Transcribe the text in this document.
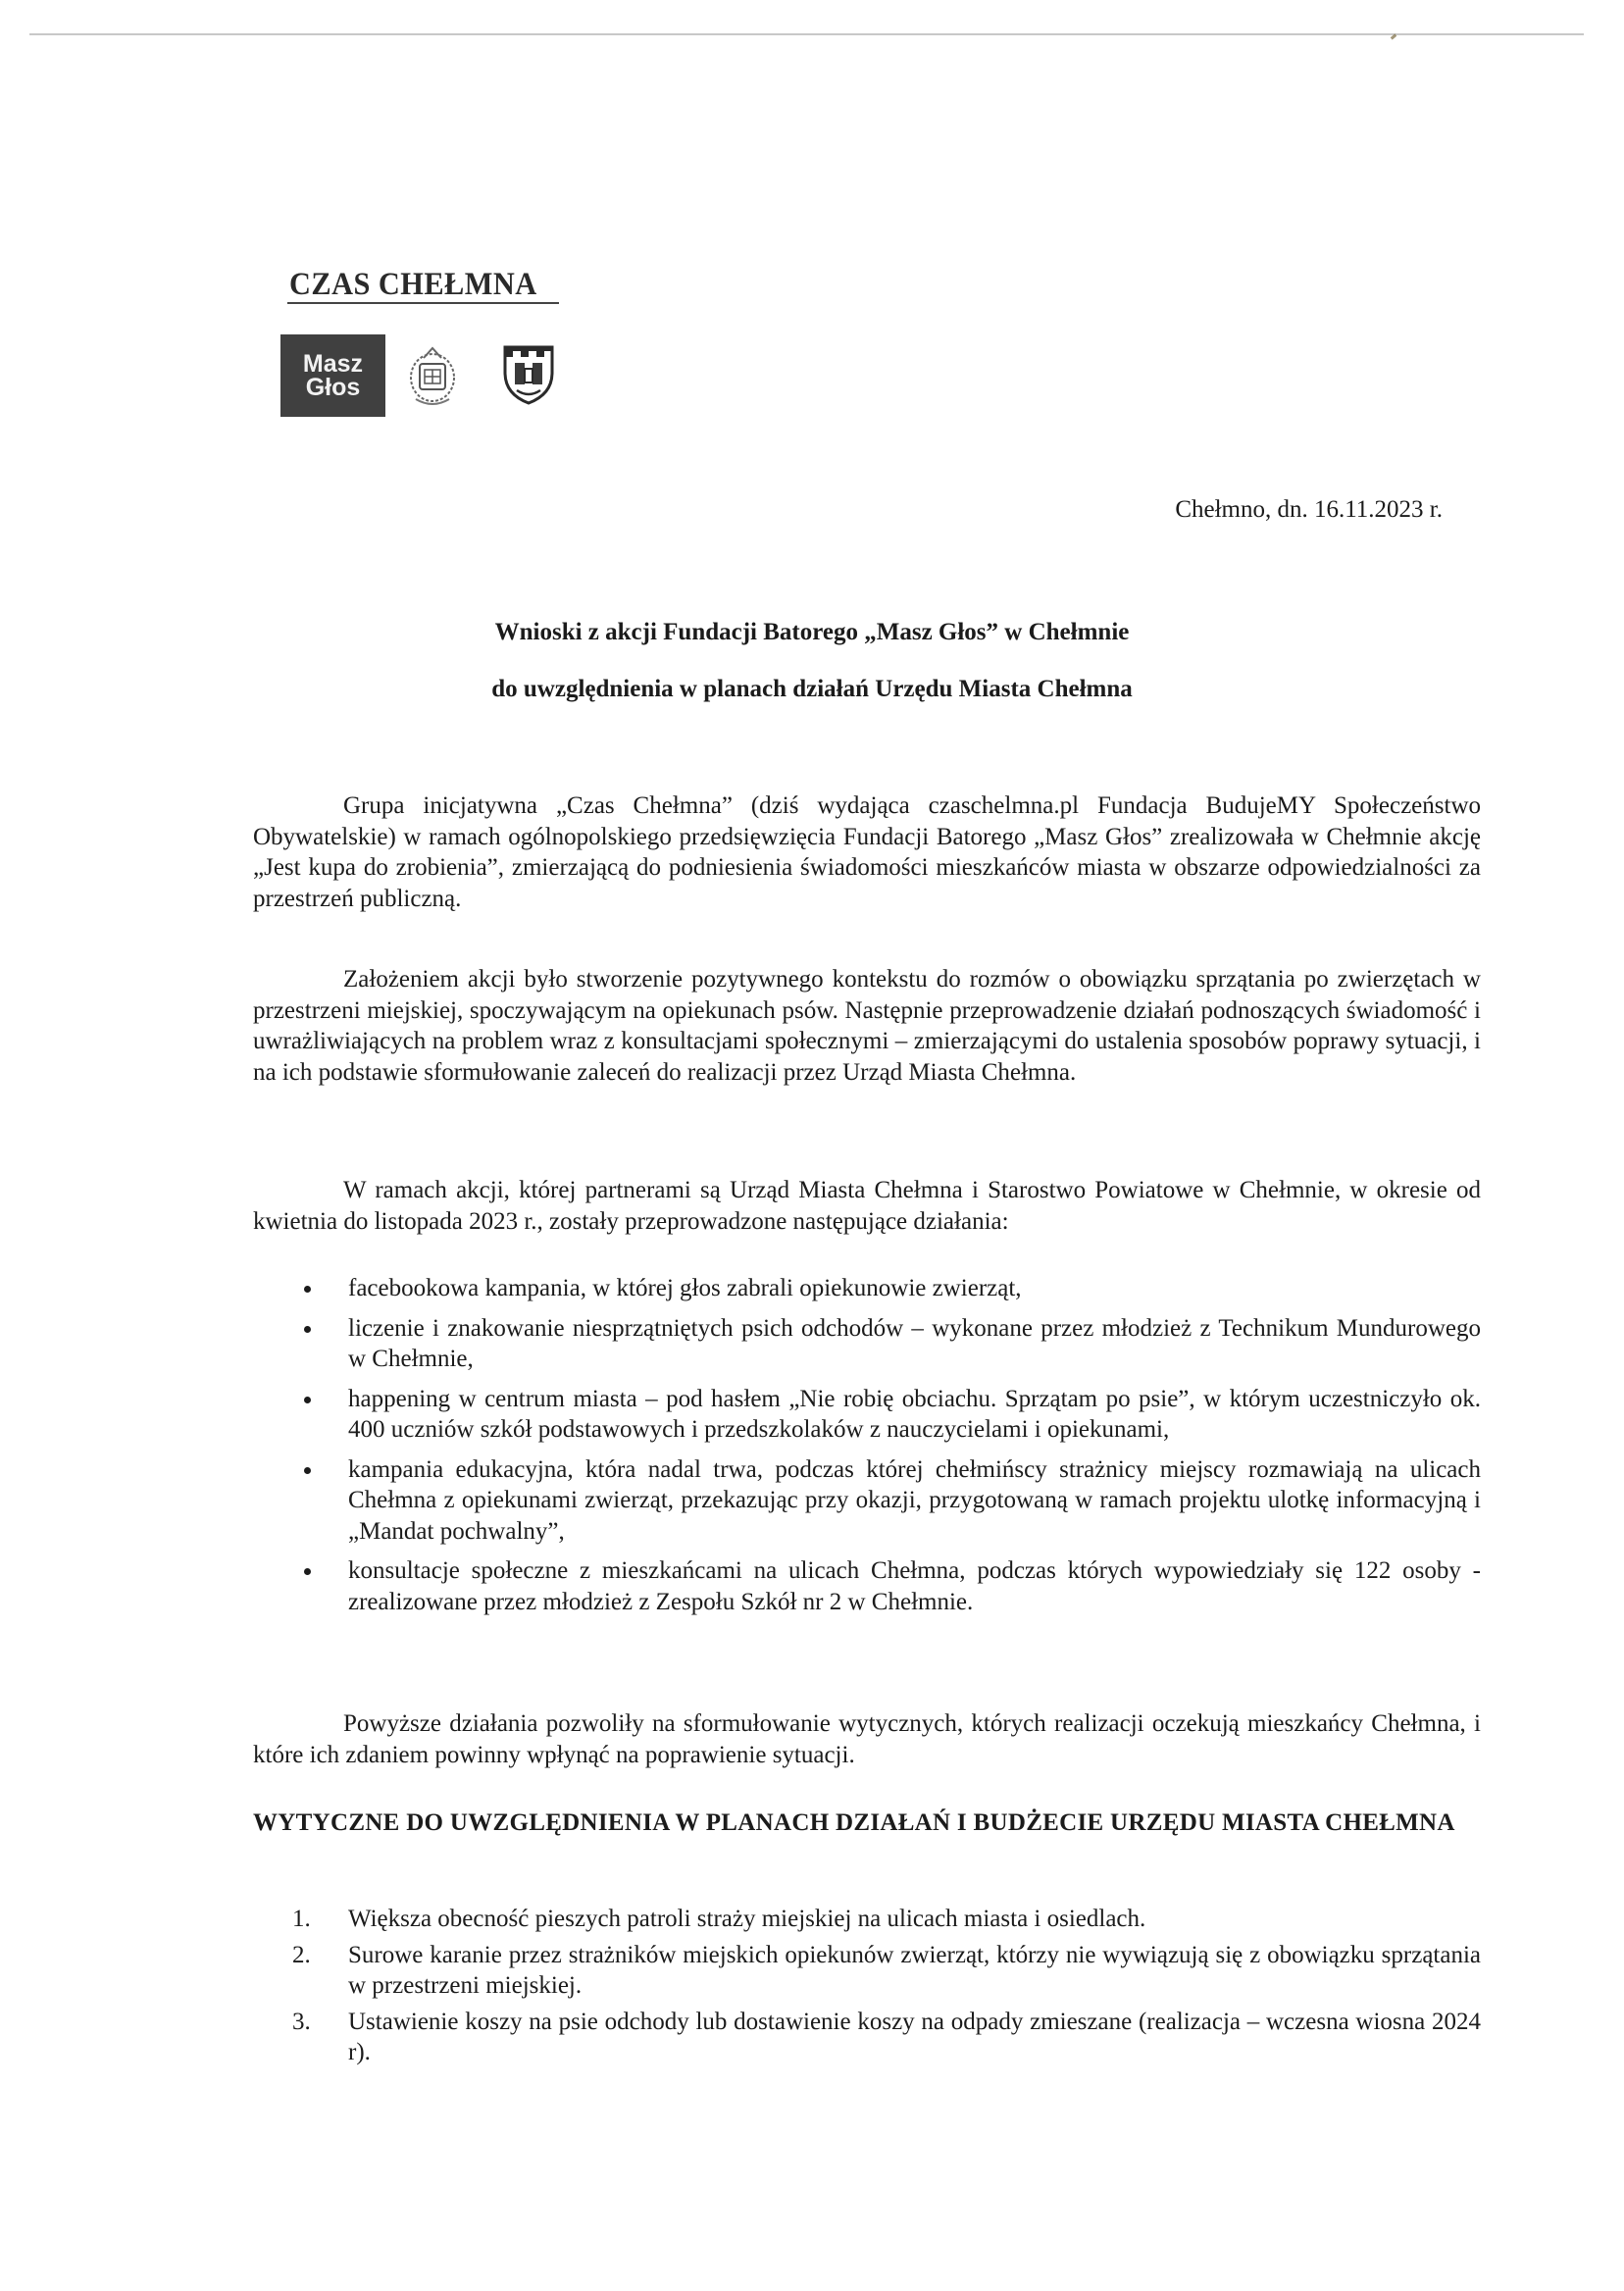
CZAS CHEŁMNA
Masz
Głos
Chełmno, dn. 16.11.2023 r.
Wnioski z akcji Fundacji Batorego „Masz Głos” w Chełmnie
do uwzględnienia w planach działań Urzędu Miasta Chełmna

Grupa inicjatywna „Czas Chełmna” (dziś wydająca czaschelmna.pl Fundacja BudujeMY Społeczeństwo Obywatelskie) w ramach ogólnopolskiego przedsięwzięcia Fundacji Batorego „Masz Głos” zrealizowała w Chełmnie akcję „Jest kupa do zrobienia”, zmierzającą do podniesienia świadomości mieszkańców miasta w obszarze odpowiedzialności za przestrzeń publiczną.

Założeniem akcji było stworzenie pozytywnego kontekstu do rozmów o obowiązku sprzątania po zwierzętach w przestrzeni miejskiej, spoczywającym na opiekunach psów. Następnie przeprowadzenie działań podnoszących świadomość i uwrażliwiających na problem wraz z konsultacjami społecznymi – zmierzającymi do ustalenia sposobów poprawy sytuacji, i na ich podstawie sformułowanie zaleceń do realizacji przez Urząd Miasta Chełmna.

W ramach akcji, której partnerami są Urząd Miasta Chełmna i Starostwo Powiatowe w Chełmnie, w okresie od kwietnia do listopada 2023 r., zostały przeprowadzone następujące działania:

facebookowa kampania, w której głos zabrali opiekunowie zwierząt,
liczenie i znakowanie niesprzątniętych psich odchodów – wykonane przez młodzież z Technikum Mundurowego w Chełmnie,
happening w centrum miasta – pod hasłem „Nie robię obciachu. Sprzątam po psie”, w którym uczestniczyło ok. 400 uczniów szkół podstawowych i przedszkolaków z nauczycielami i opiekunami,
kampania edukacyjna, która nadal trwa, podczas której chełmińscy strażnicy miejscy rozmawiają na ulicach Chełmna z opiekunami zwierząt, przekazując przy okazji, przygotowaną w ramach projektu ulotkę informacyjną i „Mandat pochwalny”,
konsultacje społeczne z mieszkańcami na ulicach Chełmna, podczas których wypowiedziały się 122 osoby - zrealizowane przez młodzież z Zespołu Szkół nr 2 w Chełmnie.

Powyższe działania pozwoliły na sformułowanie wytycznych, których realizacji oczekują mieszkańcy Chełmna, i które ich zdaniem powinny wpłynąć na poprawienie sytuacji.

WYTYCZNE DO UWZGLĘDNIENIA W PLANACH DZIAŁAŃ I BUDŻECIE URZĘDU MIASTA CHEŁMNA

1. Większa obecność pieszych patroli straży miejskiej na ulicach miasta i osiedlach.
2. Surowe karanie przez strażników miejskich opiekunów zwierząt, którzy nie wywiązują się z obowiązku sprzątania w przestrzeni miejskiej.
3. Ustawienie koszy na psie odchody lub dostawienie koszy na odpady zmieszane (realizacja – wczesna wiosna 2024 r).
